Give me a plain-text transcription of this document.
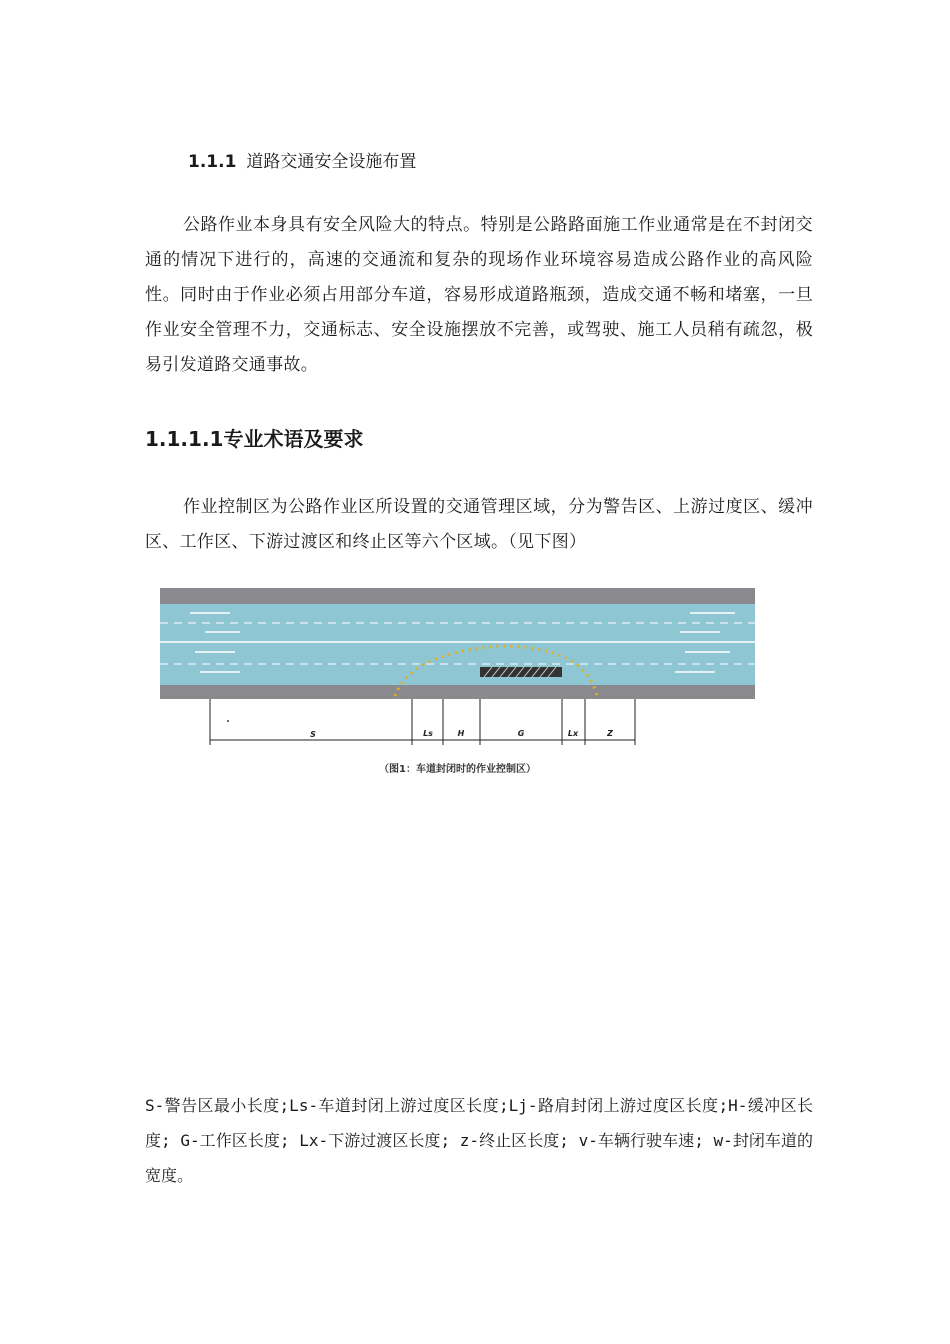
1.1.1 道路交通安全设施布置
公路作业本身具有安全风险大的特点。特别是公路路面施工作业通常是在不封闭交通的情况下进行的，高速的交通流和复杂的现场作业环境容易造成公路作业的高风险性。同时由于作业必须占用部分车道，容易形成道路瓶颈，造成交通不畅和堵塞，一旦作业安全管理不力，交通标志、安全设施摆放不完善，或驾驶、施工人员稍有疏忽，极易引发道路交通事故。
1.1.1.1专业术语及要求
作业控制区为公路作业区所设置的交通管理区域，分为警告区、上游过度区、缓冲区、工作区、下游过渡区和终止区等六个区域。（见下图）
S	Ls	H	G	Lx	Z
（图1：车道封闭时的作业控制区）
S-警告区最小长度;Ls-车道封闭上游过度区长度;Lj-路肩封闭上游过度区长度;H-缓冲区长度; G-工作区长度; Lx-下游过渡区长度; z-终止区长度; v-车辆行驶车速; w-封闭车道的宽度。
